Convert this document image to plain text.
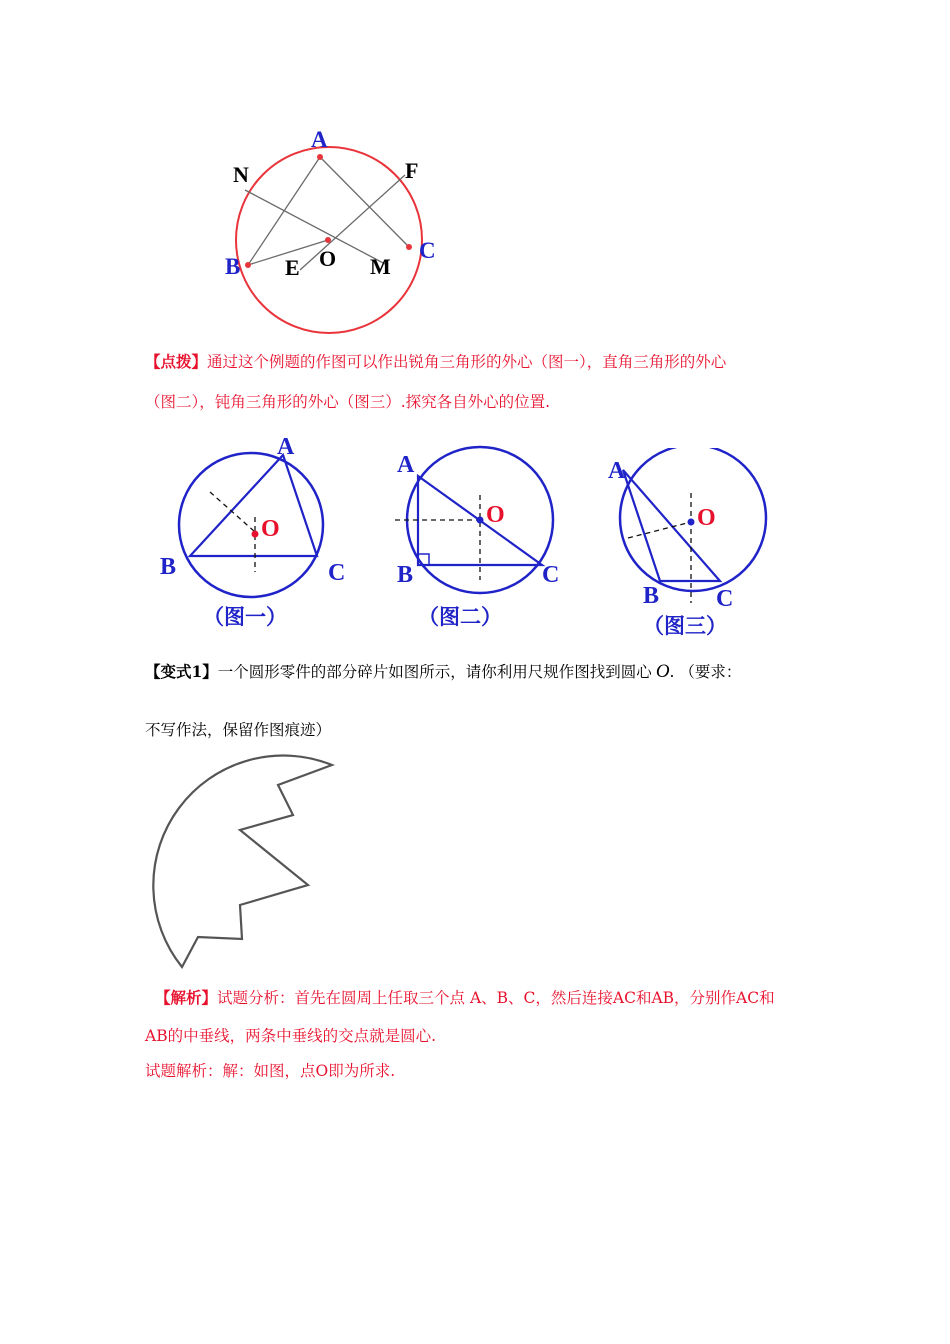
A
B
C
N	F
O
E	M
【点拨】通过这个例题的作图可以作出锐角三角形的外心（图一），直角三角形的外心
（图二），钝角三角形的外心（图三）.探究各自外心的位置.
A
B	C
O
（图一）
A
B	C
O
（图二）
A
B C
O
（图三）
【变式1】一个圆形零件的部分碎片如图所示，请你利用尺规作图找到圆心 O. （要求：
不写作法，保留作图痕迹）
【解析】试题分析：首先在圆周上任取三个点 A、B、C，然后连接AC和AB，分别作AC和
AB的中垂线，两条中垂线的交点就是圆心.
试题解析：解：如图，点O即为所求.
